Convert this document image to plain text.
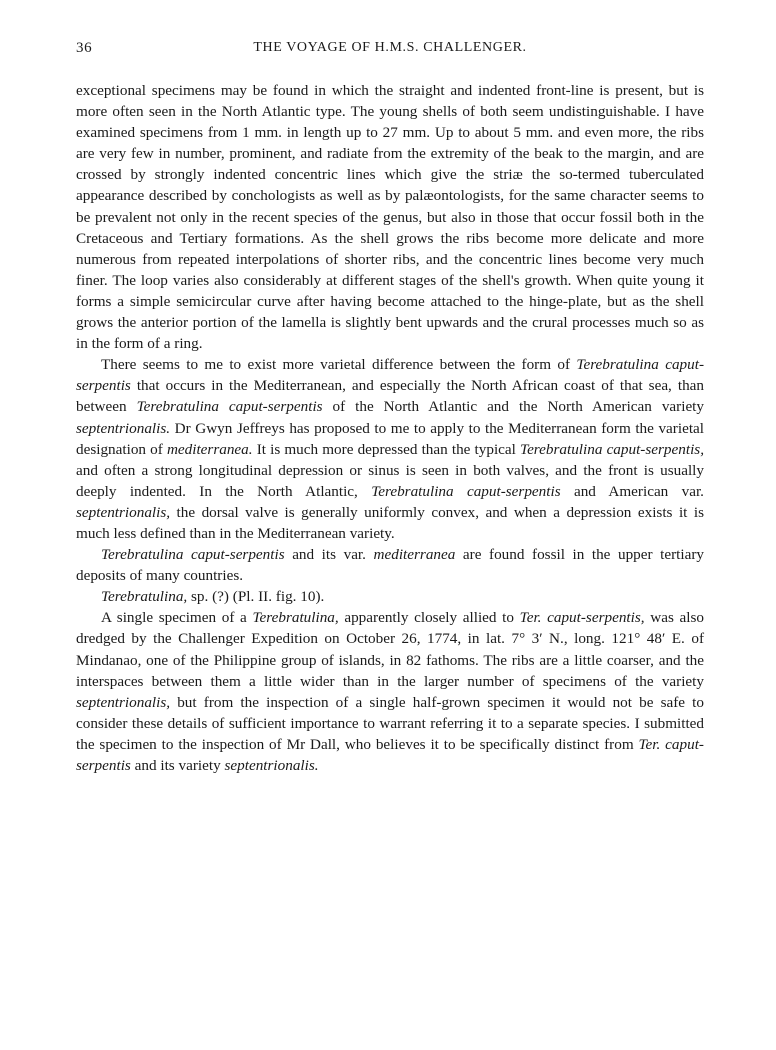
36	THE VOYAGE OF H.M.S. CHALLENGER.

exceptional specimens may be found in which the straight and indented front-line is present, but is more often seen in the North Atlantic type. The young shells of both seem undistinguishable. I have examined specimens from 1 mm. in length up to 27 mm. Up to about 5 mm. and even more, the ribs are very few in number, prominent, and radiate from the extremity of the beak to the margin, and are crossed by strongly indented concentric lines which give the striæ the so-termed tuberculated appearance described by conchologists as well as by palæontologists, for the same character seems to be prevalent not only in the recent species of the genus, but also in those that occur fossil both in the Cretaceous and Tertiary formations. As the shell grows the ribs become more delicate and more numerous from repeated interpolations of shorter ribs, and the concentric lines become very much finer. The loop varies also considerably at different stages of the shell's growth. When quite young it forms a simple semicircular curve after having become attached to the hinge-plate, but as the shell grows the anterior portion of the lamella is slightly bent upwards and the crural processes much so as in the form of a ring.

There seems to me to exist more varietal difference between the form of Terebratulina caput-serpentis that occurs in the Mediterranean, and especially the North African coast of that sea, than between Terebratulina caput-serpentis of the North Atlantic and the North American variety septentrionalis. Dr Gwyn Jeffreys has proposed to me to apply to the Mediterranean form the varietal designation of mediterranea. It is much more depressed than the typical Terebratulina caput-serpentis, and often a strong longitudinal depression or sinus is seen in both valves, and the front is usually deeply indented. In the North Atlantic, Terebratulina caput-serpentis and American var. septentrionalis, the dorsal valve is generally uniformly convex, and when a depression exists it is much less defined than in the Mediterranean variety.

Terebratulina caput-serpentis and its var. mediterranea are found fossil in the upper tertiary deposits of many countries.

Terebratulina, sp. (?) (Pl. II. fig. 10).

A single specimen of a Terebratulina, apparently closely allied to Ter. caput-serpentis, was also dredged by the Challenger Expedition on October 26, 1774, in lat. 7° 3′ N., long. 121° 48′ E. of Mindanao, one of the Philippine group of islands, in 82 fathoms. The ribs are a little coarser, and the interspaces between them a little wider than in the larger number of specimens of the variety septentrionalis, but from the inspection of a single half-grown specimen it would not be safe to consider these details of sufficient importance to warrant referring it to a separate species. I submitted the specimen to the inspection of Mr Dall, who believes it to be specifically distinct from Ter. caput-serpentis and its variety septentrionalis.
